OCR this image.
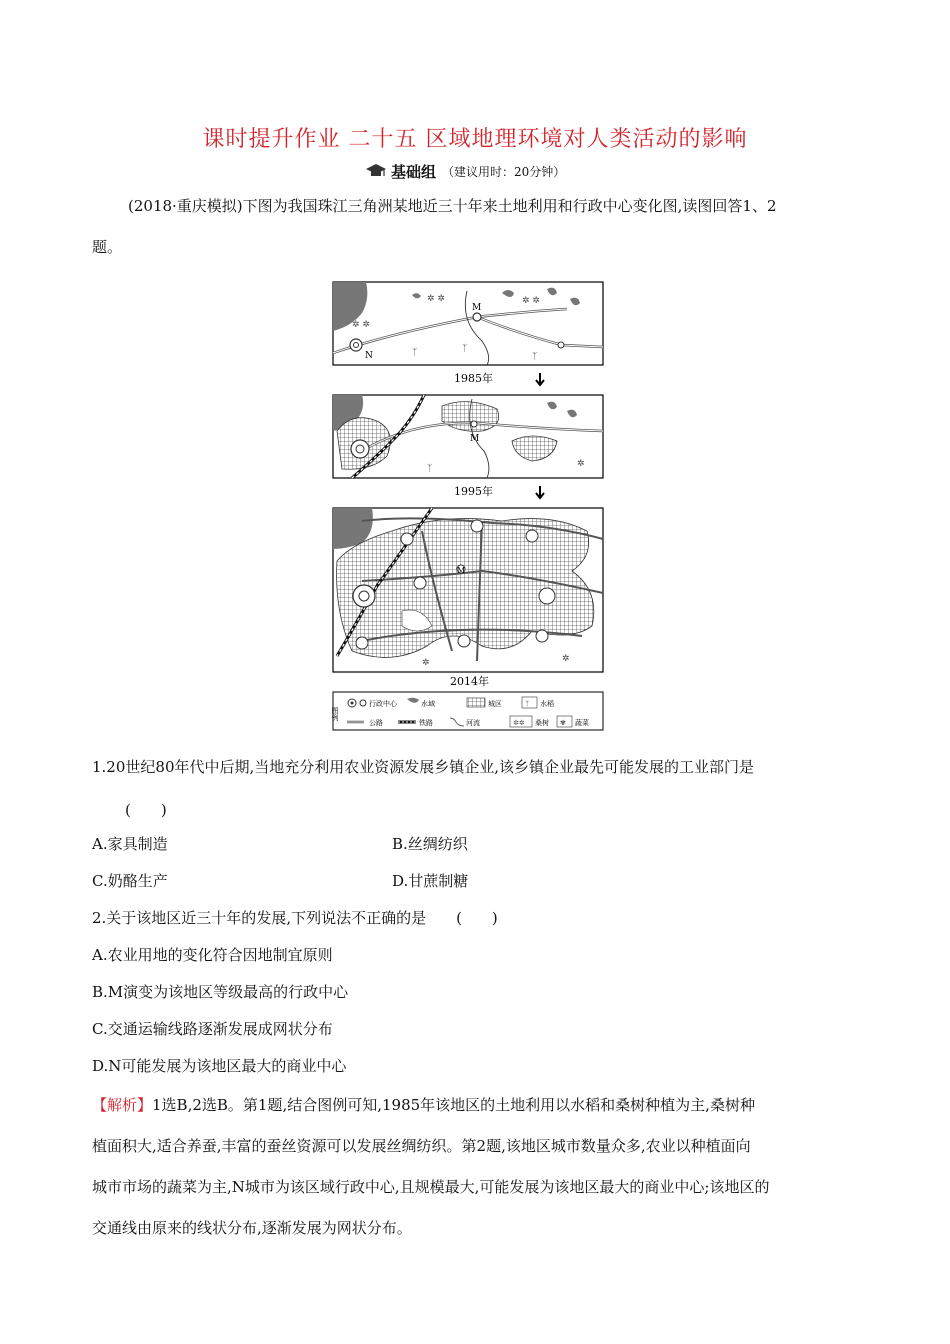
课时提升作业 二十五 区域地理环境对人类活动的影响
基础组 （建议用时：20分钟）
(2018·重庆模拟)下图为我国珠江三角洲某地近三十年来土地利用和行政中心变化图,读图回答1、2
题。
M
N
✲ ✲	✲ ✲
✲ ✲
ᛉ	ᛉ
ᛉ
1985年
M
ᛉ	✲
1995年
M
✲
✲
2014年
图例
行政中心	水域	城区	ᛉ 水稻
公路	铁路	河流	✲✲ 桑树 ✾ 蔬菜
1.20世纪80年代中后期,当地充分利用农业资源发展乡镇企业,该乡镇企业最先可能发展的工业部门是
(　　)
A.家具制造	B.丝绸纺织
C.奶酪生产	D.甘蔗制糖
2.关于该地区近三十年的发展,下列说法不正确的是　　(　　)
A.农业用地的变化符合因地制宜原则
B.M演变为该地区等级最高的行政中心
C.交通运输线路逐渐发展成网状分布
D.N可能发展为该地区最大的商业中心
【解析】1选B,2选B。第1题,结合图例可知,1985年该地区的土地利用以水稻和桑树种植为主,桑树种
植面积大,适合养蚕,丰富的蚕丝资源可以发展丝绸纺织。第2题,该地区城市数量众多,农业以种植面向
城市市场的蔬菜为主,N城市为该区域行政中心,且规模最大,可能发展为该地区最大的商业中心;该地区的
交通线由原来的线状分布,逐渐发展为网状分布。
